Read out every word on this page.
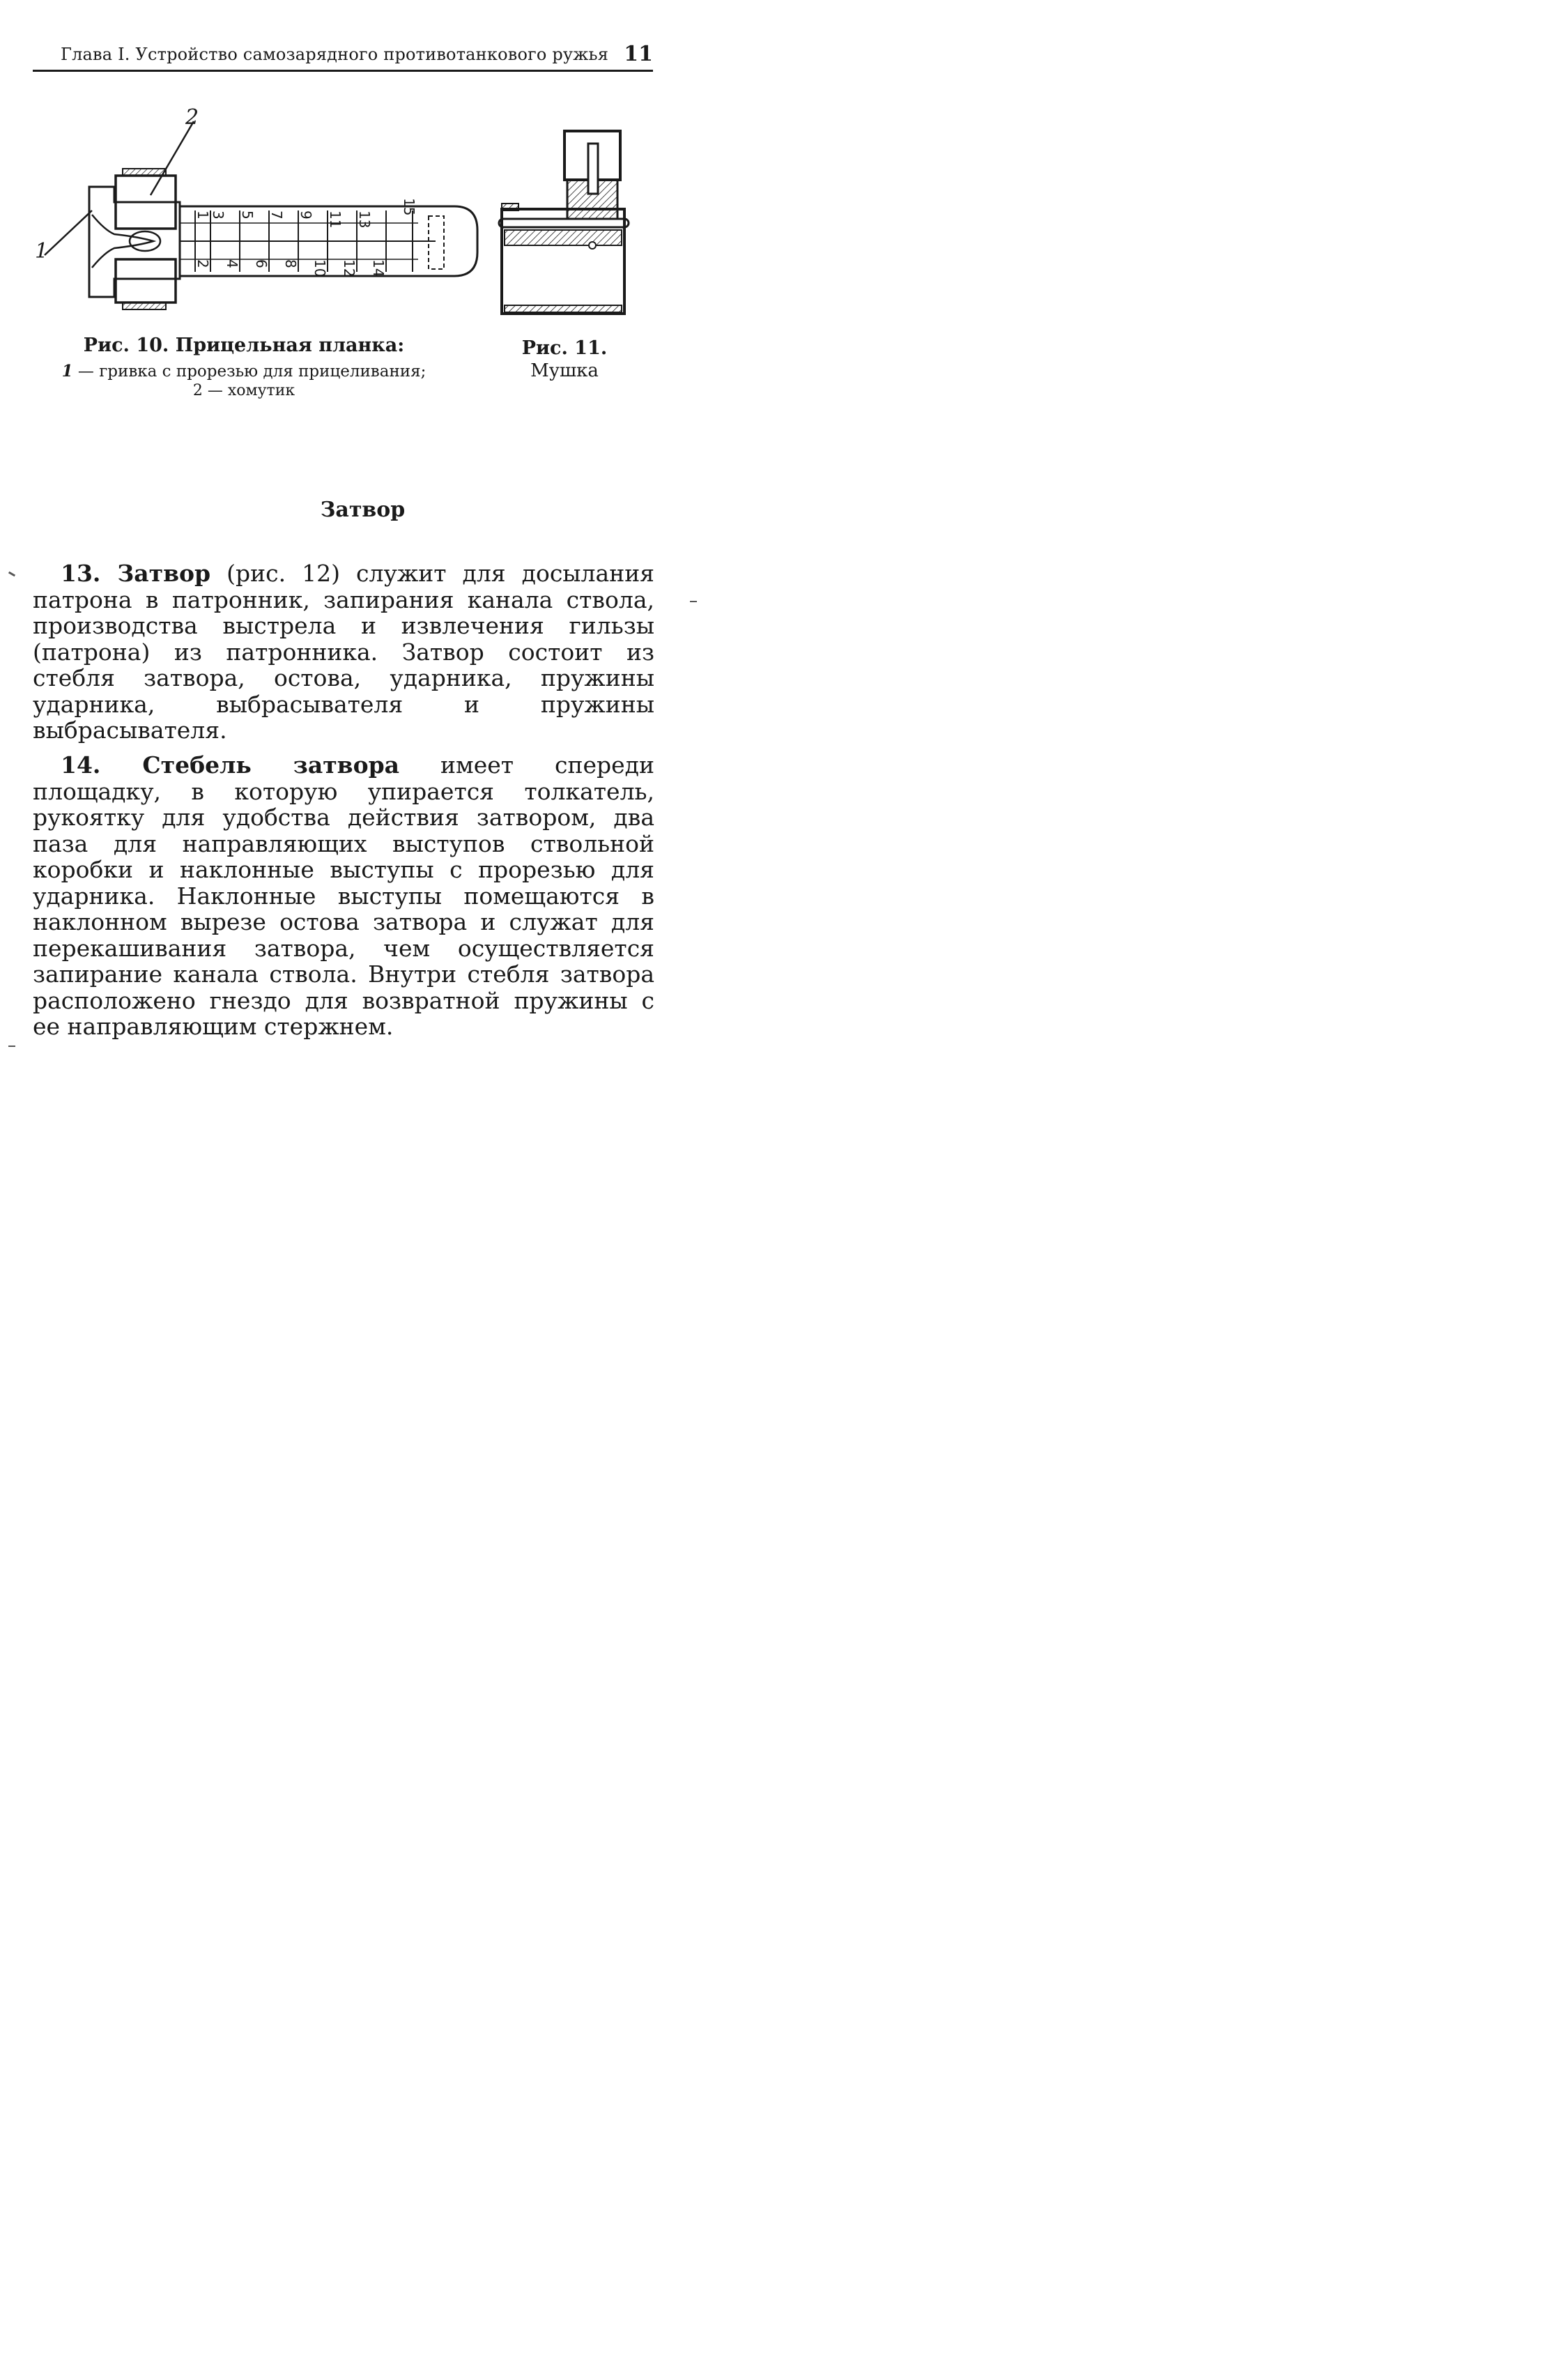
Глава I. Устройство самозарядного противотанкового ружья 11
2
1
1
3 5 7 9 11 13
15
2 4 6 8 10 12 14
Рис. 10. Прицельная планка:
1 — гривка с прорезью для прицеливания;
2 — хомутик
Рис. 11.
Мушка
Затвор

13. Затвор (рис. 12) служит для досылания патрона в патронник, запирания канала ствола, производства выстрела и извлечения гильзы (патрона) из патронника. Затвор состоит из стебля затвора, остова, ударника, пружины ударника, выбрасывателя и пружины выбрасывателя.

14. Стебель затвора имеет спереди площадку, в которую упирается толкатель, рукоятку для удобства действия затвором, два паза для направляющих выступов ствольной коробки и наклонные выступы с прорезью для ударника. Наклонные выступы помещаются в наклонном вырезе остова затвора и служат для перекашивания затвора, чем осуществляется запирание канала ствола. Внутри стебля затвора расположено гнездо для возвратной пружины с ее направляющим стержнем.
